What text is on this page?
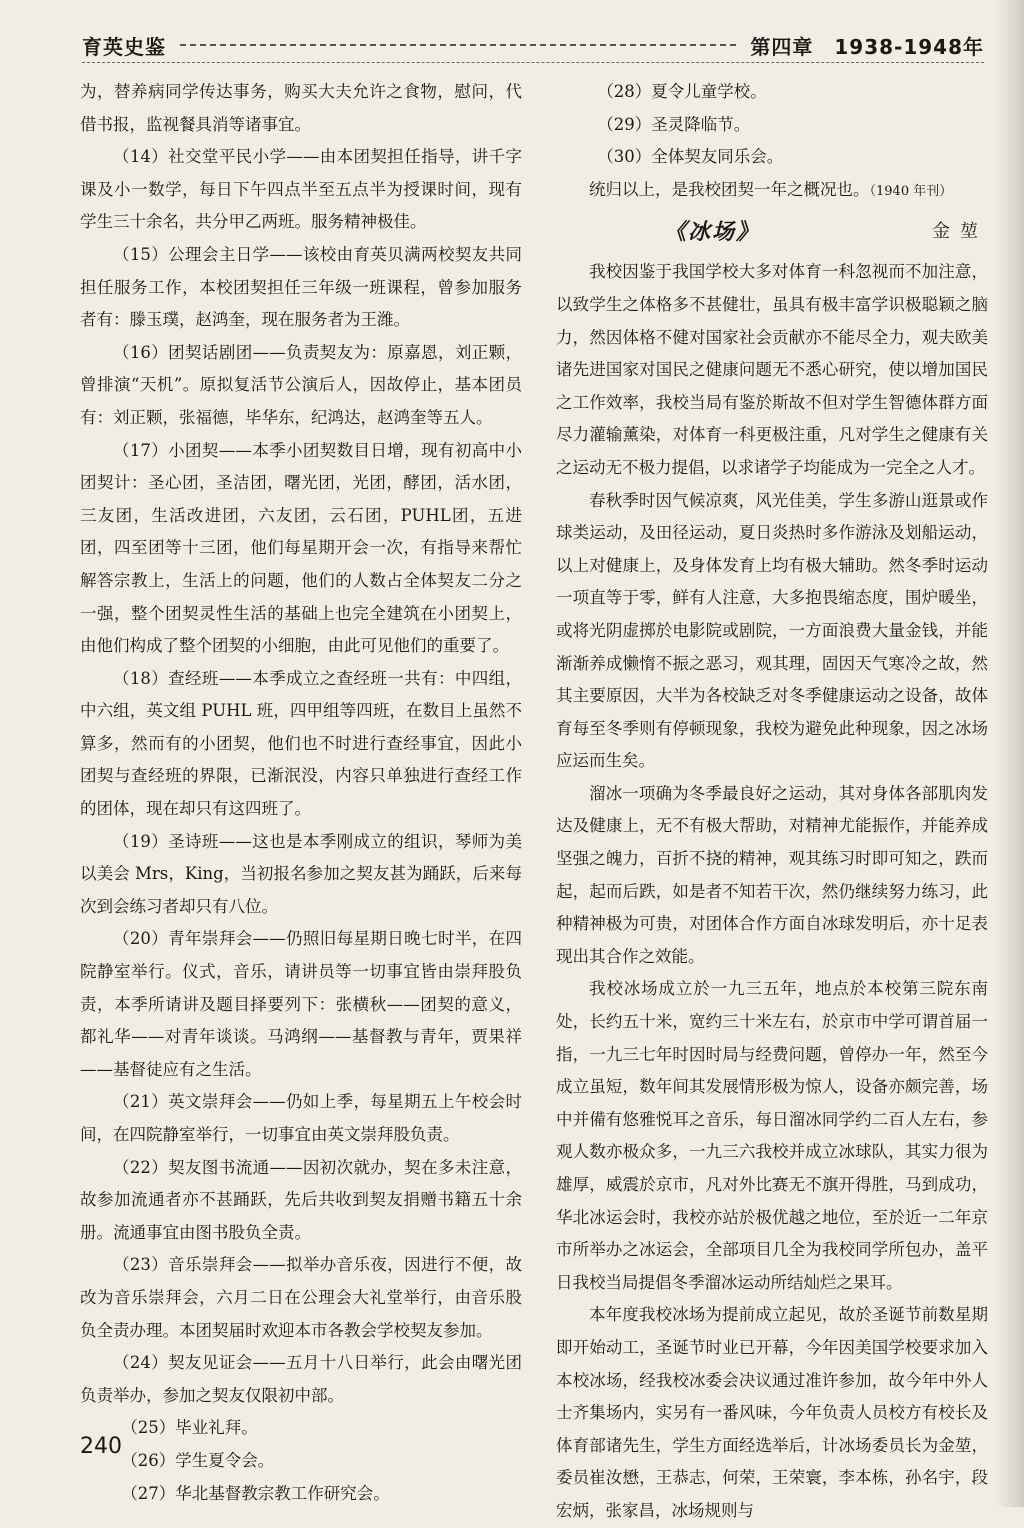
育英史鉴	第四章　1938-1948年

为，替养病同学传达事务，购买大夫允许之食物，慰问，代借书报，监视餐具消等诸事宜。

（14）社交堂平民小学——由本团契担任指导，讲千字课及小一数学，每日下午四点半至五点半为授课时间，现有学生三十余名，共分甲乙两班。服务精神极佳。

（15）公理会主日学——该校由育英贝满两校契友共同担任服务工作，本校团契担任三年级一班课程，曾参加服务者有：滕玉璞，赵鸿奎，现在服务者为王潍。

（16）团契话剧团——负责契友为：原嘉恩，刘正颗，曾排演“天机”。原拟复活节公演后人，因故停止，基本团员有：刘正颗，张福德，毕华东，纪鸿达，赵鸿奎等五人。

（17）小团契——本季小团契数目日增，现有初高中小团契计：圣心团，圣洁团，曙光团，光团，酵团，活水团，三友团，生活改进团，六友团，云石团，PUHL团，五进团，四至团等十三团，他们每星期开会一次，有指导来帮忙解答宗教上，生活上的问题，他们的人数占全体契友二分之一强，整个团契灵性生活的基础上也完全建筑在小团契上，由他们构成了整个团契的小细胞，由此可见他们的重要了。

（18）查经班——本季成立之查经班一共有：中四组，中六组，英文组 PUHL 班，四甲组等四班，在数目上虽然不算多，然而有的小团契，他们也不时进行查经事宜，因此小团契与查经班的界限，已渐泯没，内容只单独进行查经工作的团体，现在却只有这四班了。

（19）圣诗班——这也是本季刚成立的组识，琴师为美以美会 Mrs，King，当初报名参加之契友甚为踊跃，后来每次到会练习者却只有八位。

（20）青年崇拜会——仍照旧每星期日晚七时半，在四院静室举行。仪式，音乐，请讲员等一切事宜皆由崇拜股负责，本季所请讲及题目择要列下：张横秋——团契的意义，都礼华——对青年谈谈。马鸿纲——基督教与青年，贾果祥——基督徒应有之生活。

（21）英文崇拜会——仍如上季，每星期五上午校会时间，在四院静室举行，一切事宜由英文崇拜股负责。

（22）契友图书流通——因初次就办，契在多未注意，故参加流通者亦不甚踊跃，先后共收到契友捐赠书籍五十余册。流通事宜由图书股负全责。

（23）音乐崇拜会——拟举办音乐夜，因进行不便，故改为音乐崇拜会，六月二日在公理会大礼堂举行，由音乐股负全责办理。本团契届时欢迎本市各教会学校契友参加。

（24）契友见证会——五月十八日举行，此会由曙光团负责举办，参加之契友仅限初中部。

（25）毕业礼拜。

（26）学生夏令会。

（27）华北基督教宗教工作研究会。

（28）夏令儿童学校。

（29）圣灵降临节。

（30）全体契友同乐会。

统归以上，是我校团契一年之概况也。（1940 年刊）

《冰场》	金堃

我校因鉴于我国学校大多对体育一科忽视而不加注意，以致学生之体格多不甚健壮，虽具有极丰富学识极聪颖之脑力，然因体格不健对国家社会贡献亦不能尽全力，观夫欧美诸先进国家对国民之健康问题无不悉心研究，使以增加国民之工作效率，我校当局有鉴於斯故不但对学生智德体群方面尽力灌输薰染，对体育一科更极注重，凡对学生之健康有关之运动无不极力提倡，以求诸学子均能成为一完全之人才。

春秋季时因气候凉爽，风光佳美，学生多游山逛景或作球类运动，及田径运动，夏日炎热时多作游泳及划船运动，以上对健康上，及身体发育上均有极大辅助。然冬季时运动一项直等于零，鲜有人注意，大多抱畏缩态度，围炉暖坐，或将光阴虚掷於电影院或剧院，一方面浪费大量金钱，并能渐渐养成懒惰不振之恶习，观其理，固因天气寒冷之故，然其主要原因，大半为各校缺乏对冬季健康运动之设备，故体育每至冬季则有停顿现象，我校为避免此种现象，因之冰场应运而生矣。

溜冰一项确为冬季最良好之运动，其对身体各部肌肉发达及健康上，无不有极大帮助，对精神尤能振作，并能养成坚强之魄力，百折不挠的精神，观其练习时即可知之，跌而起，起而后跌，如是者不知若干次，然仍继续努力练习，此种精神极为可贵，对团体合作方面自冰球发明后，亦十足表现出其合作之效能。

我校冰场成立於一九三五年，地点於本校第三院东南处，长约五十米，宽约三十米左右，於京市中学可谓首届一指，一九三七年时因时局与经费问题，曾停办一年，然至今成立虽短，数年间其发展情形极为惊人，设备亦颇完善，场中并備有悠雅悦耳之音乐，每日溜冰同学约二百人左右，参观人数亦极众多，一九三六我校并成立冰球队，其实力很为雄厚，威震於京市，凡对外比赛无不旗开得胜，马到成功，华北冰运会时，我校亦站於极优越之地位，至於近一二年京市所举办之冰运会，全部项目几全为我校同学所包办，盖平日我校当局提倡冬季溜冰运动所结灿烂之果耳。

本年度我校冰场为提前成立起见，故於圣诞节前数星期即开始动工，圣诞节时业已开幕，今年因美国学校要求加入本校冰场，经我校冰委会决议通过准许参加，故今年中外人士齐集场内，实另有一番风味，今年负责人员校方有校长及体育部诸先生，学生方面经选举后，计冰场委员长为金堃，委员崔汝懋，王恭志，何荣，王荣寰，李本栋，孙名宇，段宏炳，张家昌，冰场规则与

240
